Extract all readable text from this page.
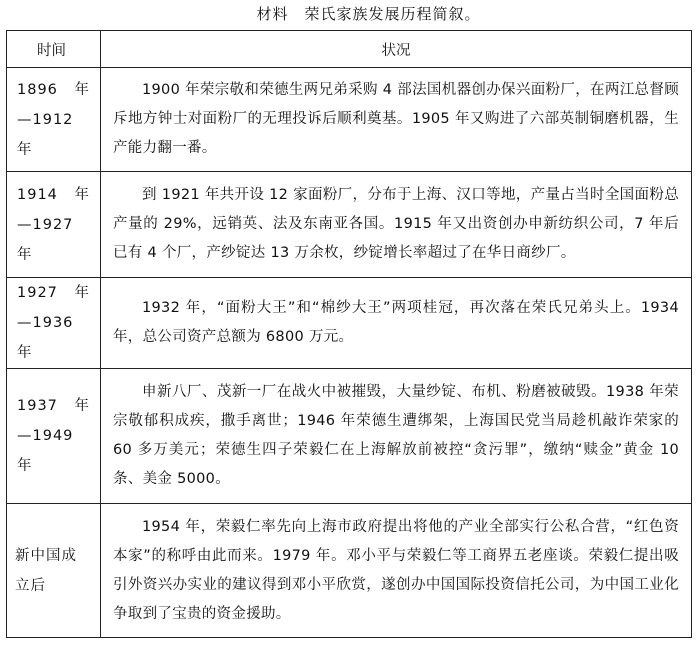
材料　荣氏家族发展历程简叙。
时间	状况

1896　年
—1912 年	1900 年荣宗敬和荣德生两兄弟采购 4 部法国机器创办保兴面粉厂，在两江总督顾斥地方钟士对面粉厂的无理投诉后顺利奠基。1905 年又购进了六部英制铜磨机器，生产能力翻一番。

1914　年
—1927 年	到 1921 年共开设 12 家面粉厂，分布于上海、汉口等地，产量占当时全国面粉总产量的 29%，远销英、法及东南亚各国。1915 年又出资创办申新纺织公司，7 年后已有 4 个厂，产纱锭达 13 万余枚，纱锭增长率超过了在华日商纱厂。

1927　年
—1936 年	1932 年，“面粉大王”和“棉纱大王”两项桂冠，再次落在荣氏兄弟头上。1934 年，总公司资产总额为 6800 万元。

1937　年
—1949 年	申新八厂、茂新一厂在战火中被摧毁，大量纱锭、布机、粉磨被破毁。1938 年荣宗敬郁积成疾，撒手离世；1946 年荣德生遭绑架，上海国民党当局趁机敲诈荣家的 60 多万美元；荣德生四子荣毅仁在上海解放前被控“贪污罪”，缴纳“赎金”黄金 10 条、美金 5000。

新中国成
立后	1954 年，荣毅仁率先向上海市政府提出将他的产业全部实行公私合营，“红色资本家”的称呼由此而来。1979 年。邓小平与荣毅仁等工商界五老座谈。荣毅仁提出吸引外资兴办实业的建议得到邓小平欣赏，遂创办中国国际投资信托公司，为中国工业化争取到了宝贵的资金援助。
